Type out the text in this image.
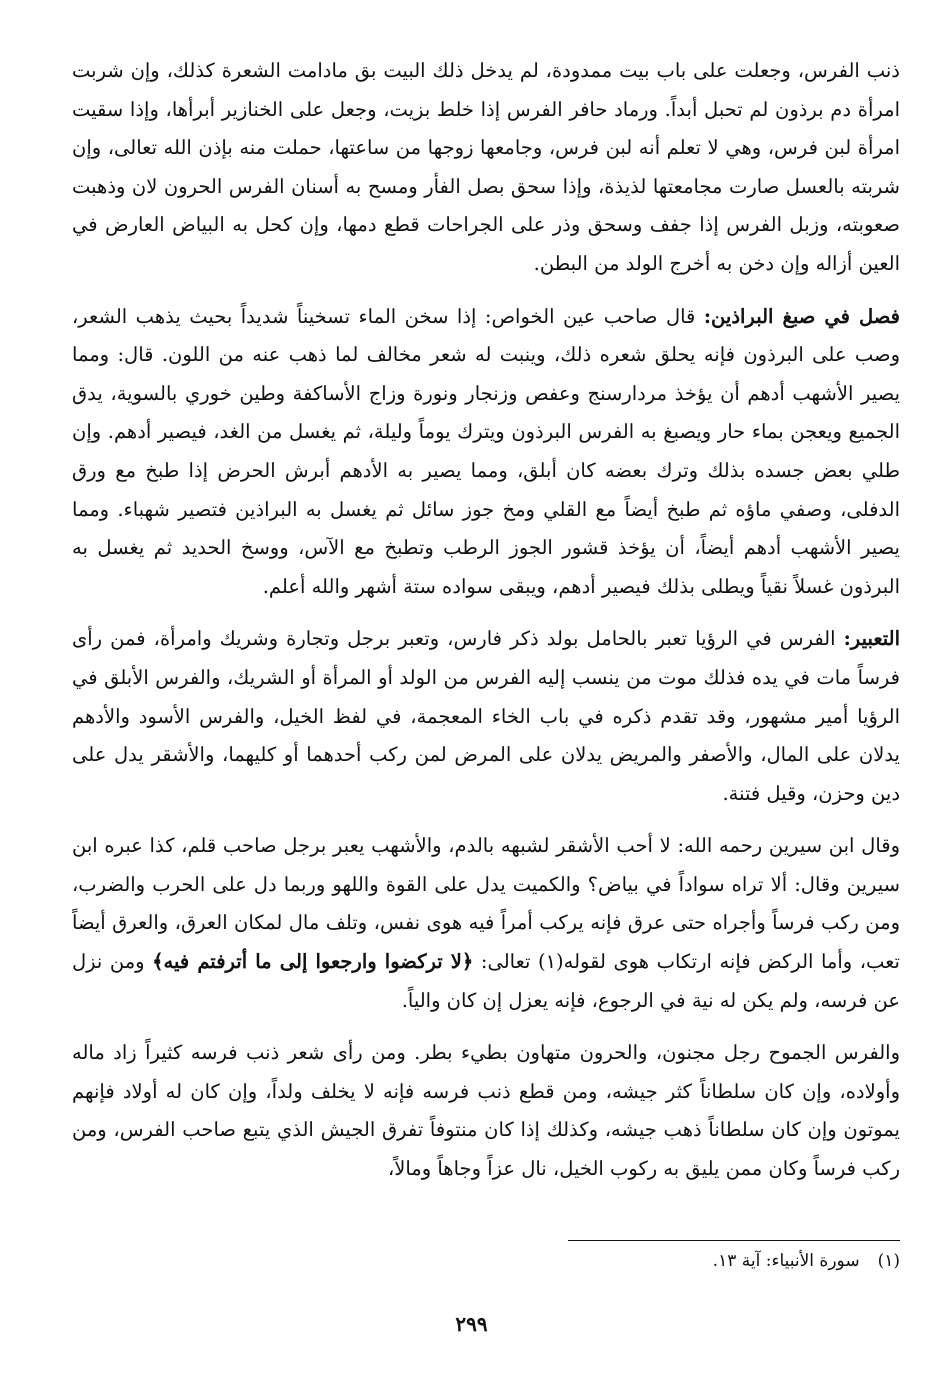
ذنب الفرس، وجعلت على باب بيت ممدودة، لم يدخل ذلك البيت بق مادامت الشعرة كذلك، وإن شربت امرأة دم برذون لم تحبل أبداً. ورماد حافر الفرس إذا خلط بزيت، وجعل على الخنازير أبرأها، وإذا سقيت امرأة لبن فرس، وهي لا تعلم أنه لبن فرس، وجامعها زوجها من ساعتها، حملت منه بإذن الله تعالى، وإن شربته بالعسل صارت مجامعتها لذيذة، وإذا سحق بصل الفأر ومسح به أسنان الفرس الحرون لان وذهبت صعوبته، وزبل الفرس إذا جفف وسحق وذر على الجراحات قطع دمها، وإن كحل به البياض العارض في العين أزاله وإن دخن به أخرج الولد من البطن.

فصل في صبغ البراذين: قال صاحب عين الخواص: إذا سخن الماء تسخيناً شديداً بحيث يذهب الشعر، وصب على البرذون فإنه يحلق شعره ذلك، وينبت له شعر مخالف لما ذهب عنه من اللون. قال: ومما يصير الأشهب أدهم أن يؤخذ مردارسنج وعفص وزنجار ونورة وزاج الأساكفة وطين خوري بالسوية، يدق الجميع ويعجن بماء حار ويصبغ به الفرس البرذون ويترك يوماً وليلة، ثم يغسل من الغد، فيصير أدهم. وإن طلي بعض جسده بذلك وترك بعضه كان أبلق، ومما يصير به الأدهم أبرش الحرض إذا طبخ مع ورق الدفلى، وصفي ماؤه ثم طبخ أيضاً مع القلي ومخ جوز سائل ثم يغسل به البراذين فتصير شهباء. ومما يصير الأشهب أدهم أيضاً، أن يؤخذ قشور الجوز الرطب وتطبخ مع الآس، ووسخ الحديد ثم يغسل به البرذون غسلاً نقياً ويطلى بذلك فيصير أدهم، ويبقى سواده ستة أشهر والله أعلم.

التعبير: الفرس في الرؤيا تعبر بالحامل بولد ذكر فارس، وتعبر برجل وتجارة وشريك وامرأة، فمن رأى فرساً مات في يده فذلك موت من ينسب إليه الفرس من الولد أو المرأة أو الشريك، والفرس الأبلق في الرؤيا أمير مشهور، وقد تقدم ذكره في باب الخاء المعجمة، في لفظ الخيل، والفرس الأسود والأدهم يدلان على المال، والأصفر والمريض يدلان على المرض لمن ركب أحدهما أو كليهما، والأشقر يدل على دين وحزن، وقيل فتنة.

وقال ابن سيرين رحمه الله: لا أحب الأشقر لشبهه بالدم، والأشهب يعبر برجل صاحب قلم، كذا عبره ابن سيرين وقال: ألا تراه سواداً في بياض؟ والكميت يدل على القوة واللهو وربما دل على الحرب والضرب، ومن ركب فرساً وأجراه حتى عرق فإنه يركب أمراً فيه هوى نفس، وتلف مال لمكان العرق، والعرق أيضاً تعب، وأما الركض فإنه ارتكاب هوى لقوله(١) تعالى: ﴿لا تركضوا وارجعوا إلى ما أترفتم فيه﴾ ومن نزل عن فرسه، ولم يكن له نية في الرجوع، فإنه يعزل إن كان والياً.

والفرس الجموح رجل مجنون، والحرون متهاون بطيء بطر. ومن رأى شعر ذنب فرسه كثيراً زاد ماله وأولاده، وإن كان سلطاناً كثر جيشه، ومن قطع ذنب فرسه فإنه لا يخلف ولداً، وإن كان له أولاد فإنهم يموتون وإن كان سلطاناً ذهب جيشه، وكذلك إذا كان منتوفاً تفرق الجيش الذي يتبع صاحب الفرس، ومن ركب فرساً وكان ممن يليق به ركوب الخيل، نال عزاً وجاهاً ومالاً،

(١)سورة الأنبياء: آية ١٣.
٢٩٩
